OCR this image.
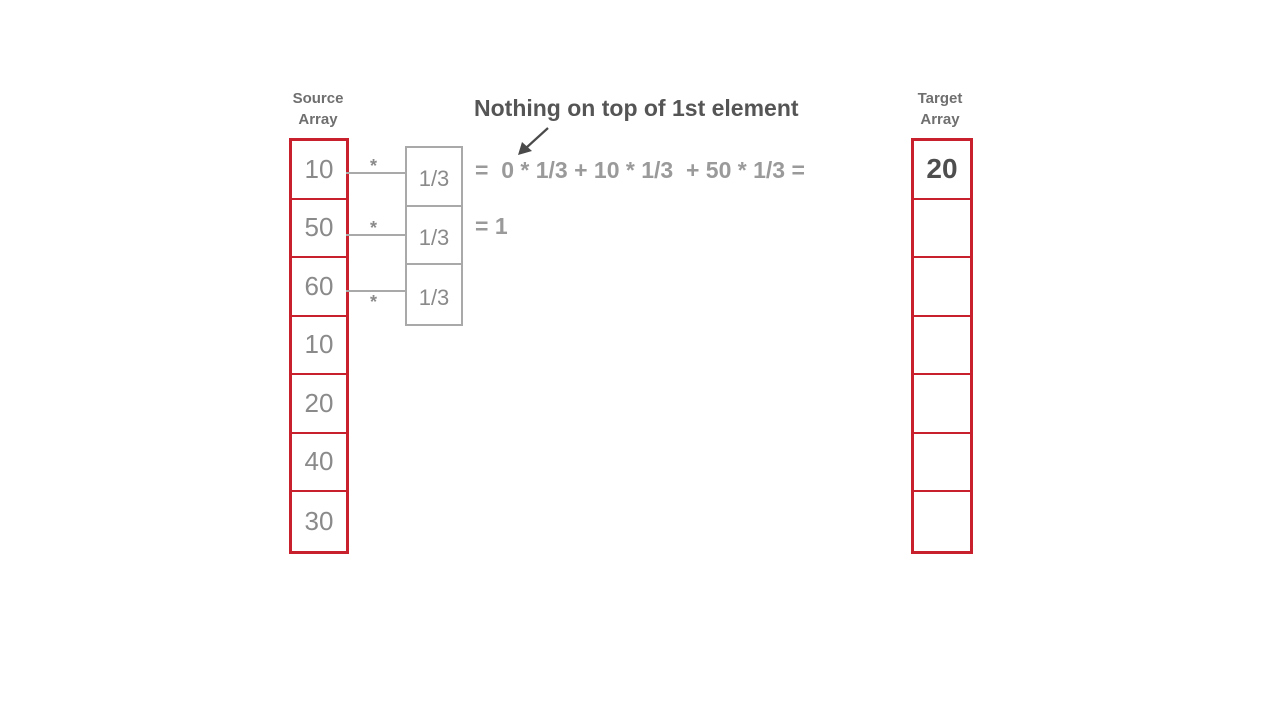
Source
Array
10
50
60
10
20
40
30
*
*
*
1/3
1/3
1/3
Nothing on top of 1st element
=  0 * 1/3 + 10 * 1/3  + 50 * 1/3 =
= 1
Target
Array
20
